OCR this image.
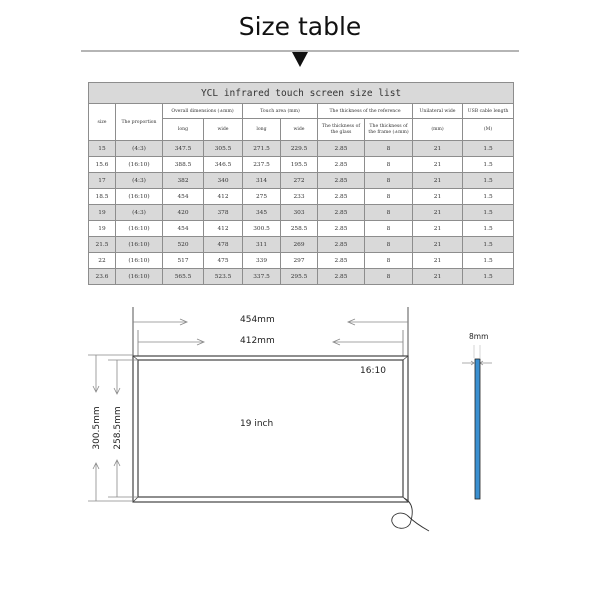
Size table
YCL infrared touch screen size list									
size	The proportion	Overall dimensions (±mm)		Touch area (mm)		The thickness of the reference		Unilateral wide	USB cable length
		long	wide	long	wide	The thickness of the glass	The thickness of the frame (±mm)	(mm)	(M)
15	(4:3)	347.5	305.5	271.5	229.5	2.85	8	21	1.5
15.6	(16:10)	388.5	346.5	237.5	195.5	2.85	8	21	1.5
17	(4:3)	382	340	314	272	2.85	8	21	1.5
18.5	(16:10)	454	412	275	233	2.85	8	21	1.5
19	(4:3)	420	378	345	303	2.85	8	21	1.5
19	(16:10)	454	412	300.5	258.5	2.85	8	21	1.5
21.5	(16:10)	520	478	311	269	2.85	8	21	1.5
22	(16:10)	517	475	339	297	2.85	8	21	1.5
23.6	(16:10)	565.5	523.5	337.5	295.5	2.85	8	21	1.5
454mm
412mm
16:10
19 inch
300.5mm 258.5mm
8mm
